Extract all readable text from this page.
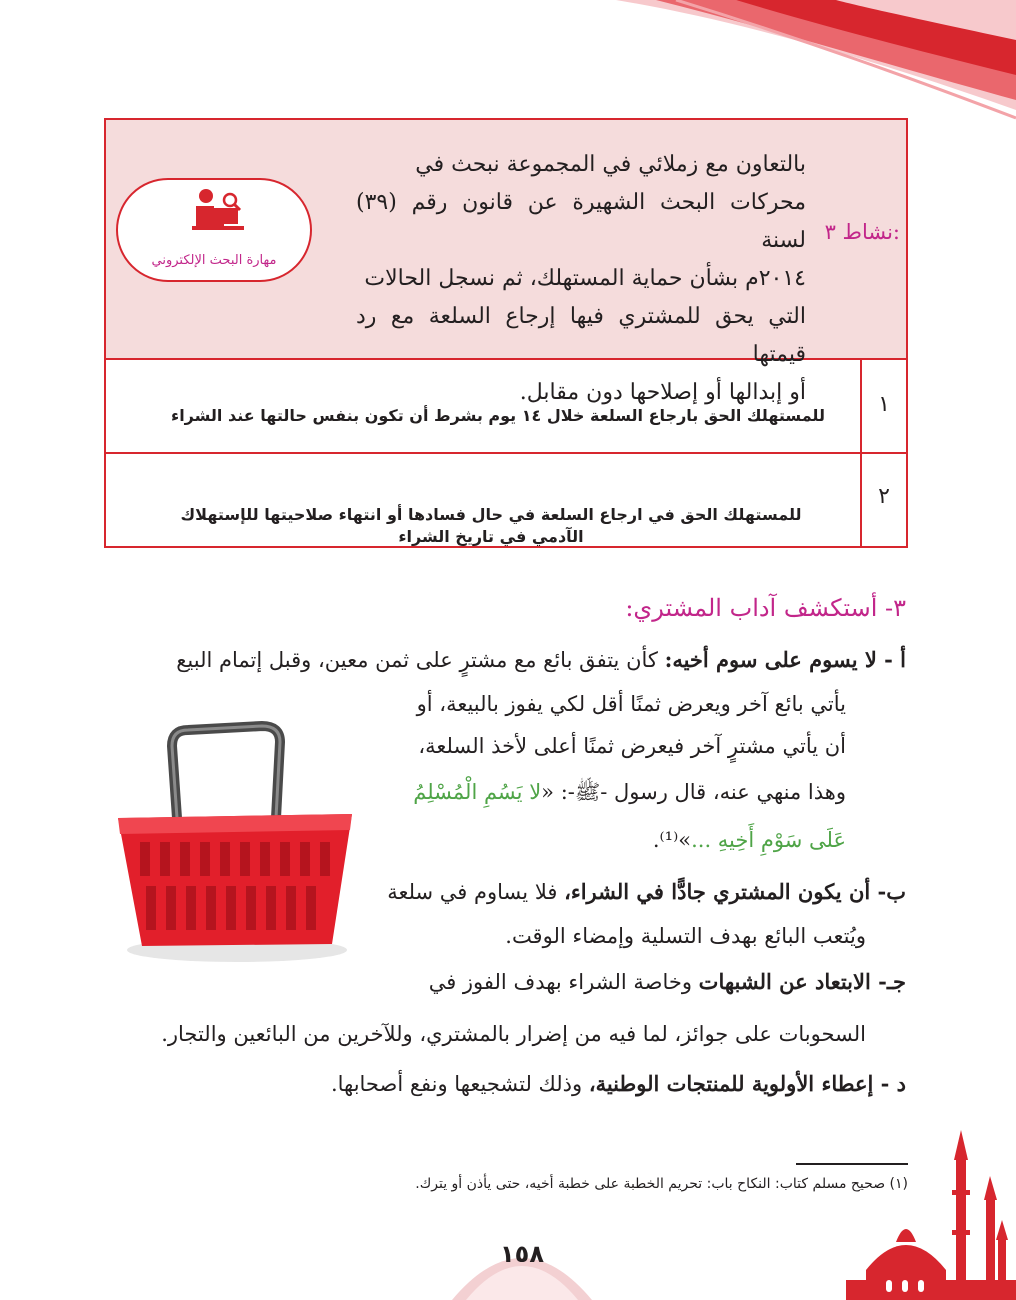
نشاط ٣:
بالتعاون مع زملائي في المجموعة نبحث في
محركات البحث الشهيرة عن قانون رقم (٣٩) لسنة
٢٠١٤م بشأن حماية المستهلك، ثم نسجل الحالات
التي يحق للمشتري فيها إرجاع السلعة مع رد قيمتها
أو إبدالها أو إصلاحها دون مقابل.
مهارة البحث الإلكتروني
١
للمستهلك الحق بارجاع السلعة خلال ١٤ يوم بشرط أن تكون بنفس حالتها عند الشراء
٢
للمستهلك الحق في ارجاع السلعة في حال فسادها أو انتهاء صلاحيتها للإستهلاك
الآدمي في تاريخ الشراء
٣- أستكشف آداب المشتري:
أ - لا يسوم على سوم أخيه: كأن يتفق بائع مع مشترٍ على ثمن معين، وقبل إتمام البيع
يأتي بائع آخر ويعرض ثمنًا أقل لكي يفوز بالبيعة، أو
أن يأتي مشترٍ آخر فيعرض ثمنًا أعلى لأخذ السلعة،
وهذا منهي عنه، قال رسول -ﷺ-: «لا يَسُمِ الْمُسْلِمُ
عَلَى سَوْمِ أَخِيهِ ...»⁽¹⁾.
ب- أن يكون المشتري جادًّا في الشراء، فلا يساوم في سلعة
ويُتعب البائع بهدف التسلية وإمضاء الوقت.
جـ- الابتعاد عن الشبهات وخاصة الشراء بهدف الفوز في
السحوبات على جوائز، لما فيه من إضرار بالمشتري، وللآخرين من البائعين والتجار.
د - إعطاء الأولوية للمنتجات الوطنية، وذلك لتشجيعها ونفع أصحابها.
(١) صحيح مسلم كتاب: النكاح باب: تحريم الخطبة على خطبة أخيه، حتى يأذن أو يترك.
١٥٨
